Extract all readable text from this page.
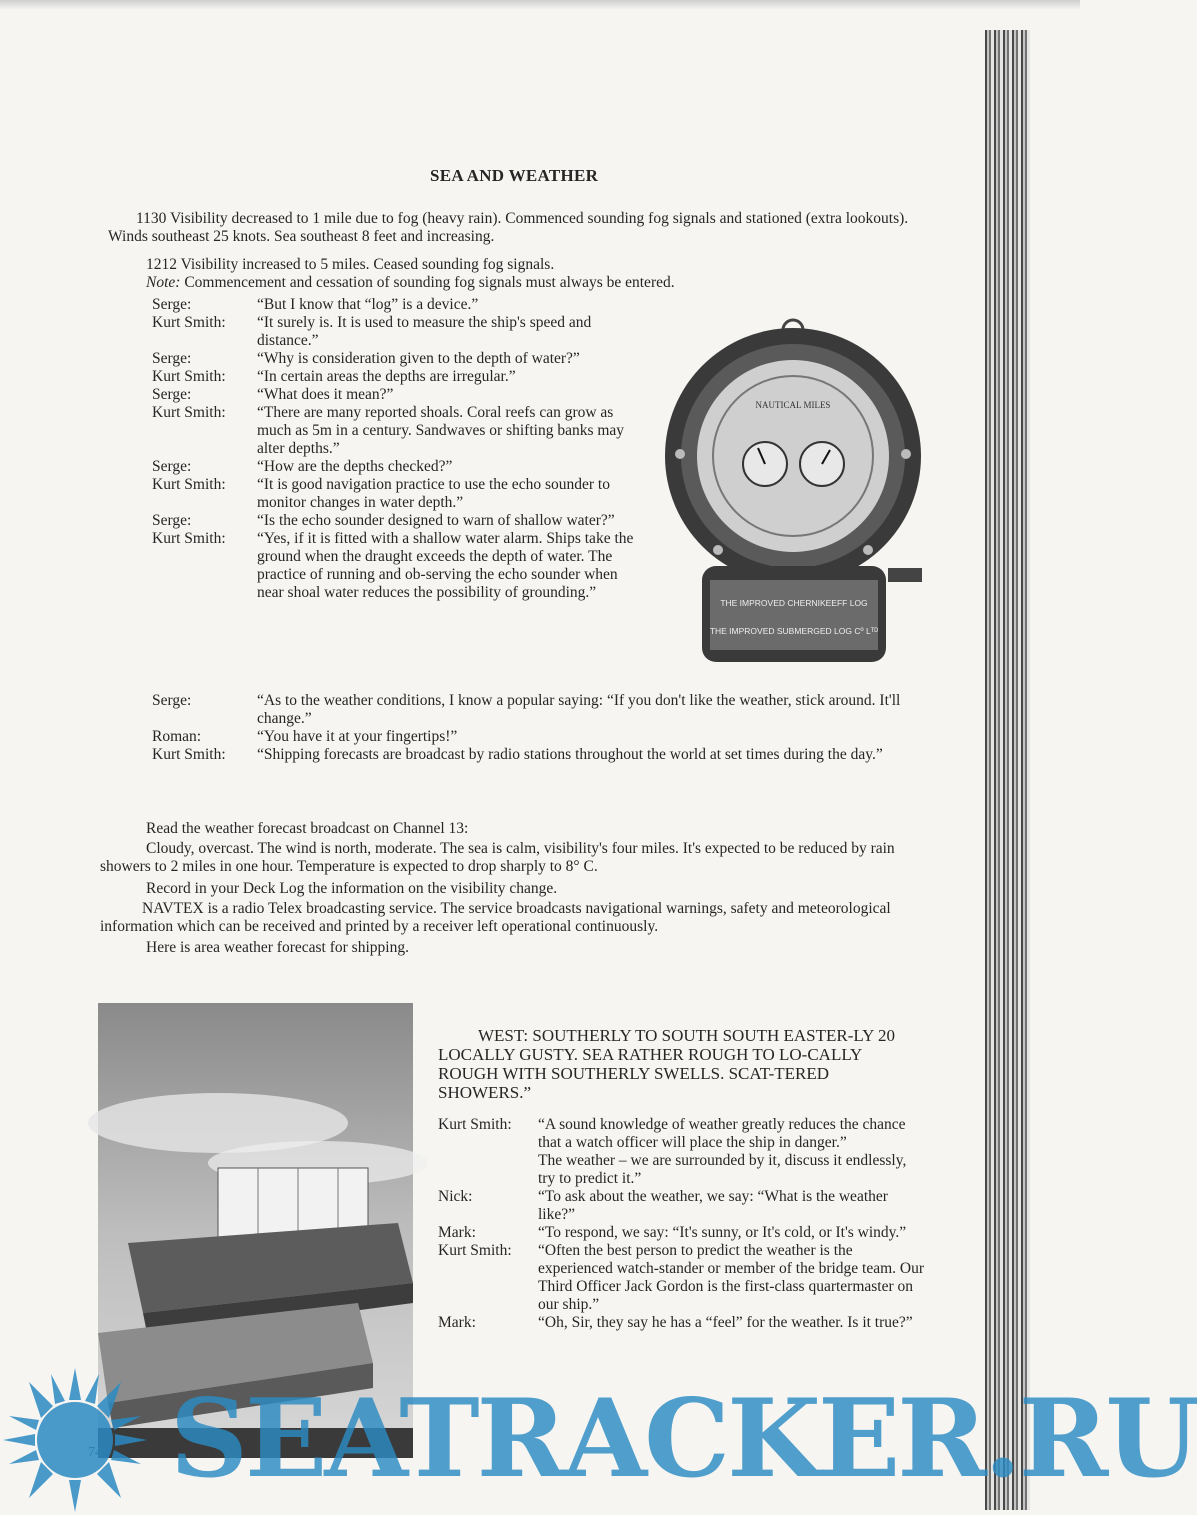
SEA AND WEATHER

1130 Visibility decreased to 1 mile due to fog (heavy rain). Commenced sounding fog signals and stationed (extra lookouts). Winds southeast 25 knots. Sea southeast 8 feet and increasing.

1212 Visibility increased to 5 miles. Ceased sounding fog signals.

Note: Commencement and cessation of sounding fog signals must always be entered.

Serge:	“But I know that “log” is a device.”
Kurt Smith:	“It surely is. It is used to measure the ship's speed and distance.”
Serge:	“Why is consideration given to the depth of water?”
Kurt Smith:	“In certain areas the depths are irregular.”
Serge:	“What does it mean?”
Kurt Smith:	“There are many reported shoals. Coral reefs can grow as much as 5m in a century. Sandwaves or shifting banks may alter depths.”
Serge:	“How are the depths checked?”
Kurt Smith:	“It is good navigation practice to use the echo sounder to monitor changes in water depth.”
Serge:	“Is the echo sounder designed to warn of shallow water?”
Kurt Smith:	“Yes, if it is fitted with a shallow water alarm. Ships take the ground when the draught exceeds the depth of water. The practice of running and ob-serving the echo sounder when near shoal water reduces the possibility of grounding.”
Serge:	“As to the weather conditions, I know a popular saying: “If you don't like the weather, stick around. It'll change.”
Roman:	“You have it at your fingertips!”
Kurt Smith:	“Shipping forecasts are broadcast by radio stations throughout the world at set times during the day.”
NAUTICAL MILES
THE IMPROVED CHERNIKEEFF LOG
THE IMPROVED SUBMERGED LOG Cº Lᵀᴰ

Read the weather forecast broadcast on Channel 13:

Cloudy, overcast. The wind is north, moderate. The sea is calm, visibility's four miles. It's expected to be reduced by rain showers to 2 miles in one hour. Temperature is expected to drop sharply to 8° C.

Record in your Deck Log the information on the visibility change.

NAVTEX is a radio Telex broadcasting service. The service broadcasts navigational warnings, safety and meteorological information which can be received and printed by a receiver left operational continuously.

Here is area weather forecast for shipping.

WEST: SOUTHERLY TO SOUTH SOUTH EASTER-LY 20 LOCALLY GUSTY. SEA RATHER ROUGH TO LO-CALLY ROUGH WITH SOUTHERLY SWELLS. SCAT-TERED SHOWERS.”

Kurt Smith:	“A sound knowledge of weather greatly reduces the chance that a watch officer will place the ship in danger.”
The weather – we are surrounded by it, discuss it endlessly, try to predict it.”
Nick:	“To ask about the weather, we say: “What is the weather like?”
Mark:	“To respond, we say: “It's sunny, or It's cold, or It's windy.”
Kurt Smith:	“Often the best person to predict the weather is the experienced watch-stander or member of the bridge team. Our Third Officer Jack Gordon is the first-class quartermaster on our ship.”
Mark:	“Oh, Sir, they say he has a “feel” for the weather. Is it true?”
SEATRACKER.RU
